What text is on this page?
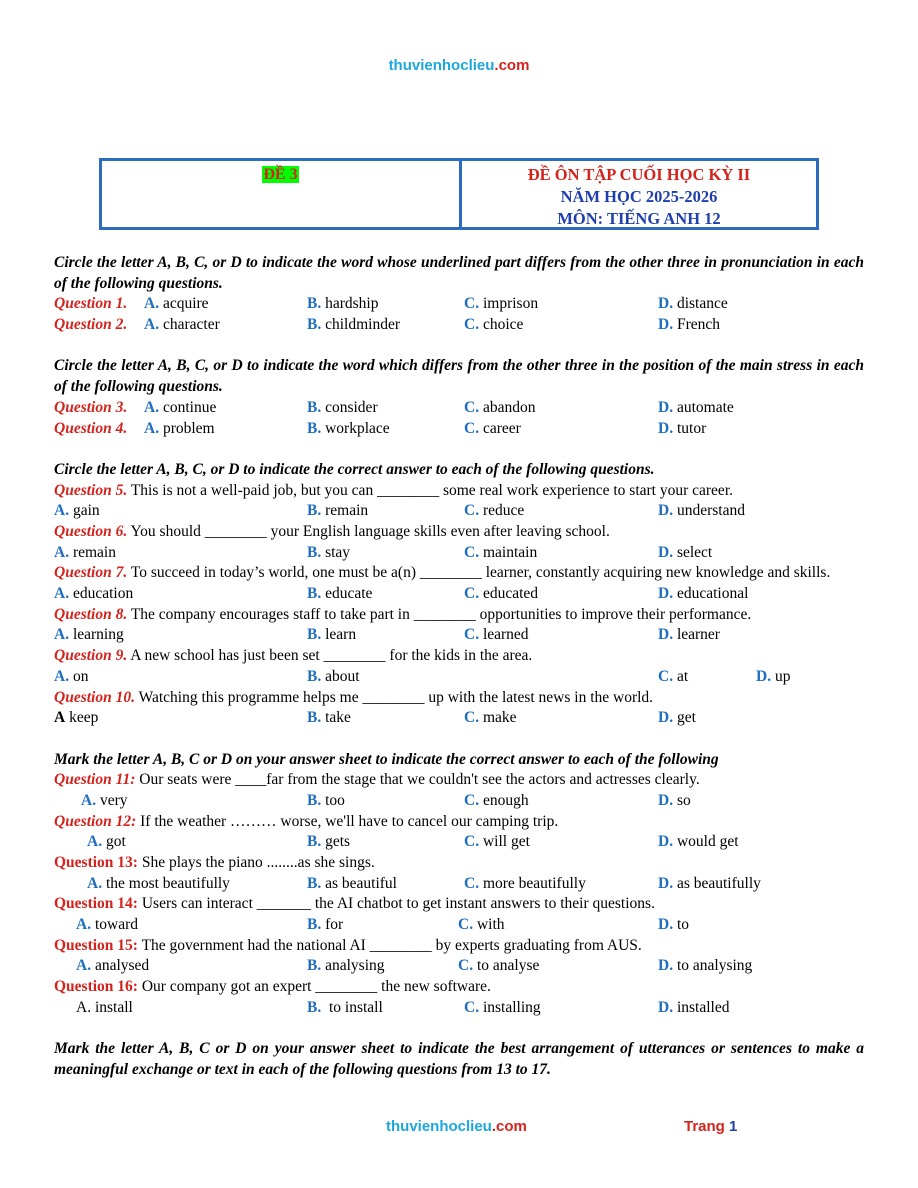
thuvienhoclieu.com
ĐỀ 3	ĐỀ ÔN TẬP CUỐI HỌC KỲ II
NĂM HỌC 2025-2026
MÔN: TIẾNG ANH 12
Circle the letter A, B, C, or D to indicate the word whose underlined part differs from the other three in pronunciation in each of the following questions.
Question 1. A. acquire	B. hardship	C. imprison	D. distance
Question 2. A. character	B. childminder	C. choice	D. French
Circle the letter A, B, C, or D to indicate the word which differs from the other three in the position of the main stress in each of the following questions.
Question 3. A. continue	B. consider	C. abandon	D. automate
Question 4. A. problem	B. workplace	C. career	D. tutor
Circle the letter A, B, C, or D to indicate the correct answer to each of the following questions.
Question 5. This is not a well-paid job, but you can ________ some real work experience to start your career.
A. gain	B. remain	C. reduce	D. understand
Question 6. You should ________ your English language skills even after leaving school.
A. remain	B. stay	C. maintain	D. select
Question 7. To succeed in today’s world, one must be a(n) ________ learner, constantly acquiring new knowledge and skills.
A. education	B. educate	C. educated	D. educational
Question 8. The company encourages staff to take part in ________ opportunities to improve their performance.
A. learning	B. learn	C. learned	D. learner
Question 9. A new school has just been set ________ for the kids in the area.
A. on	B. about	C. at	D. up
Question 10. Watching this programme helps me ________ up with the latest news in the world.
A keep	B. take	C. make	D. get
Mark the letter A, B, C or D on your answer sheet to indicate the correct answer to each of the following
Question 11: Our seats were ____far from the stage that we couldn't see the actors and actresses clearly.
A. very	B. too	C. enough	D. so
Question 12: If the weather ……… worse, we'll have to cancel our camping trip.
A. got	B. gets	C. will get	D. would get
Question 13: She plays the piano ........as she sings.
A. the most beautifully	B. as beautiful	C. more beautifully	D. as beautifully
Question 14: Users can interact _______ the AI chatbot to get instant answers to their questions.
A. toward	B. for	C. with	D. to
Question 15: The government had the national AI ________ by experts graduating from AUS.
A. analysed	B. analysing	C. to analyse	D. to analysing
Question 16: Our company got an expert ________ the new software.
A. install	B. to install	C. installing	D. installed
Mark the letter A, B, C or D on your answer sheet to indicate the best arrangement of utterances or sentences to make a meaningful exchange or text in each of the following questions from 13 to 17.
thuvienhoclieu.com	Trang 1
